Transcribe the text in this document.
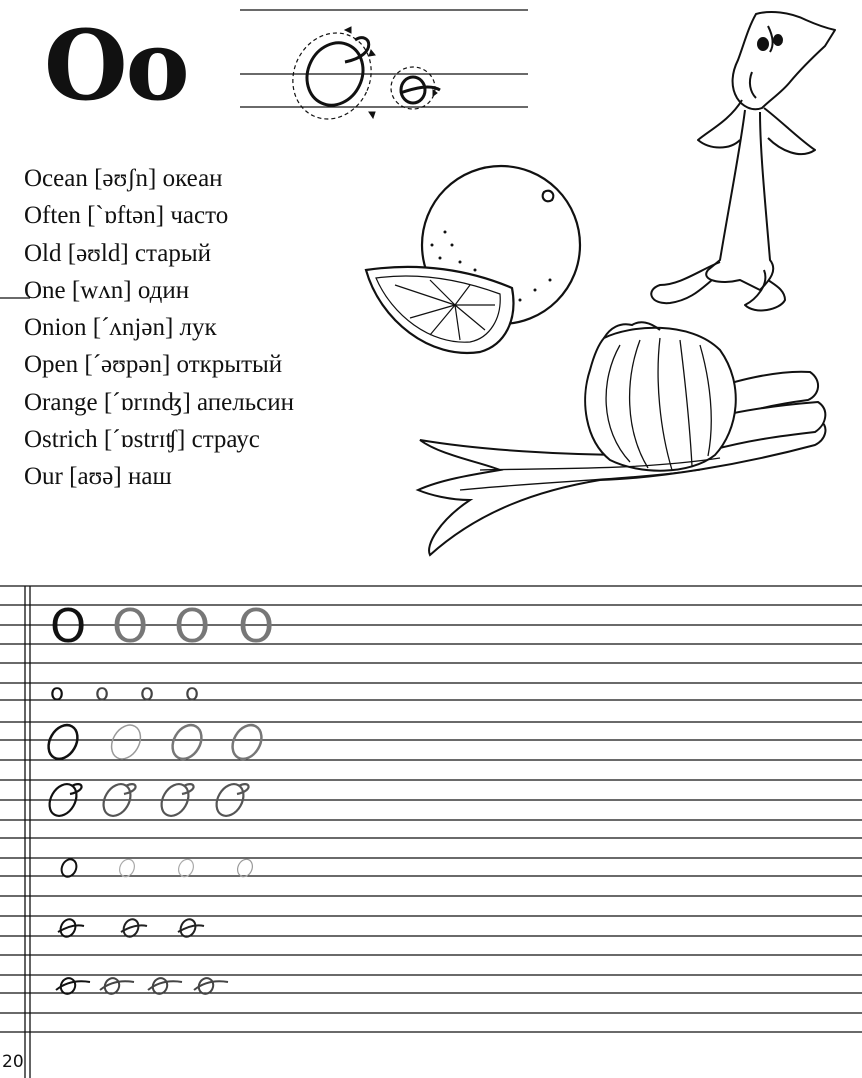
Oo
Ocean [əʊʃn] океан
Often [`ɒftən] часто
Old [əʊld] старый
One [wʌn] один
Onion [´ʌnjən] лук
Open [´əʊpən] открытый
Orange [´ɒrɪnʤ] апельсин
Ostrich [´ɒstrɪʧ] страус
Our [aʊə] наш
O O O O
o o o o
20
